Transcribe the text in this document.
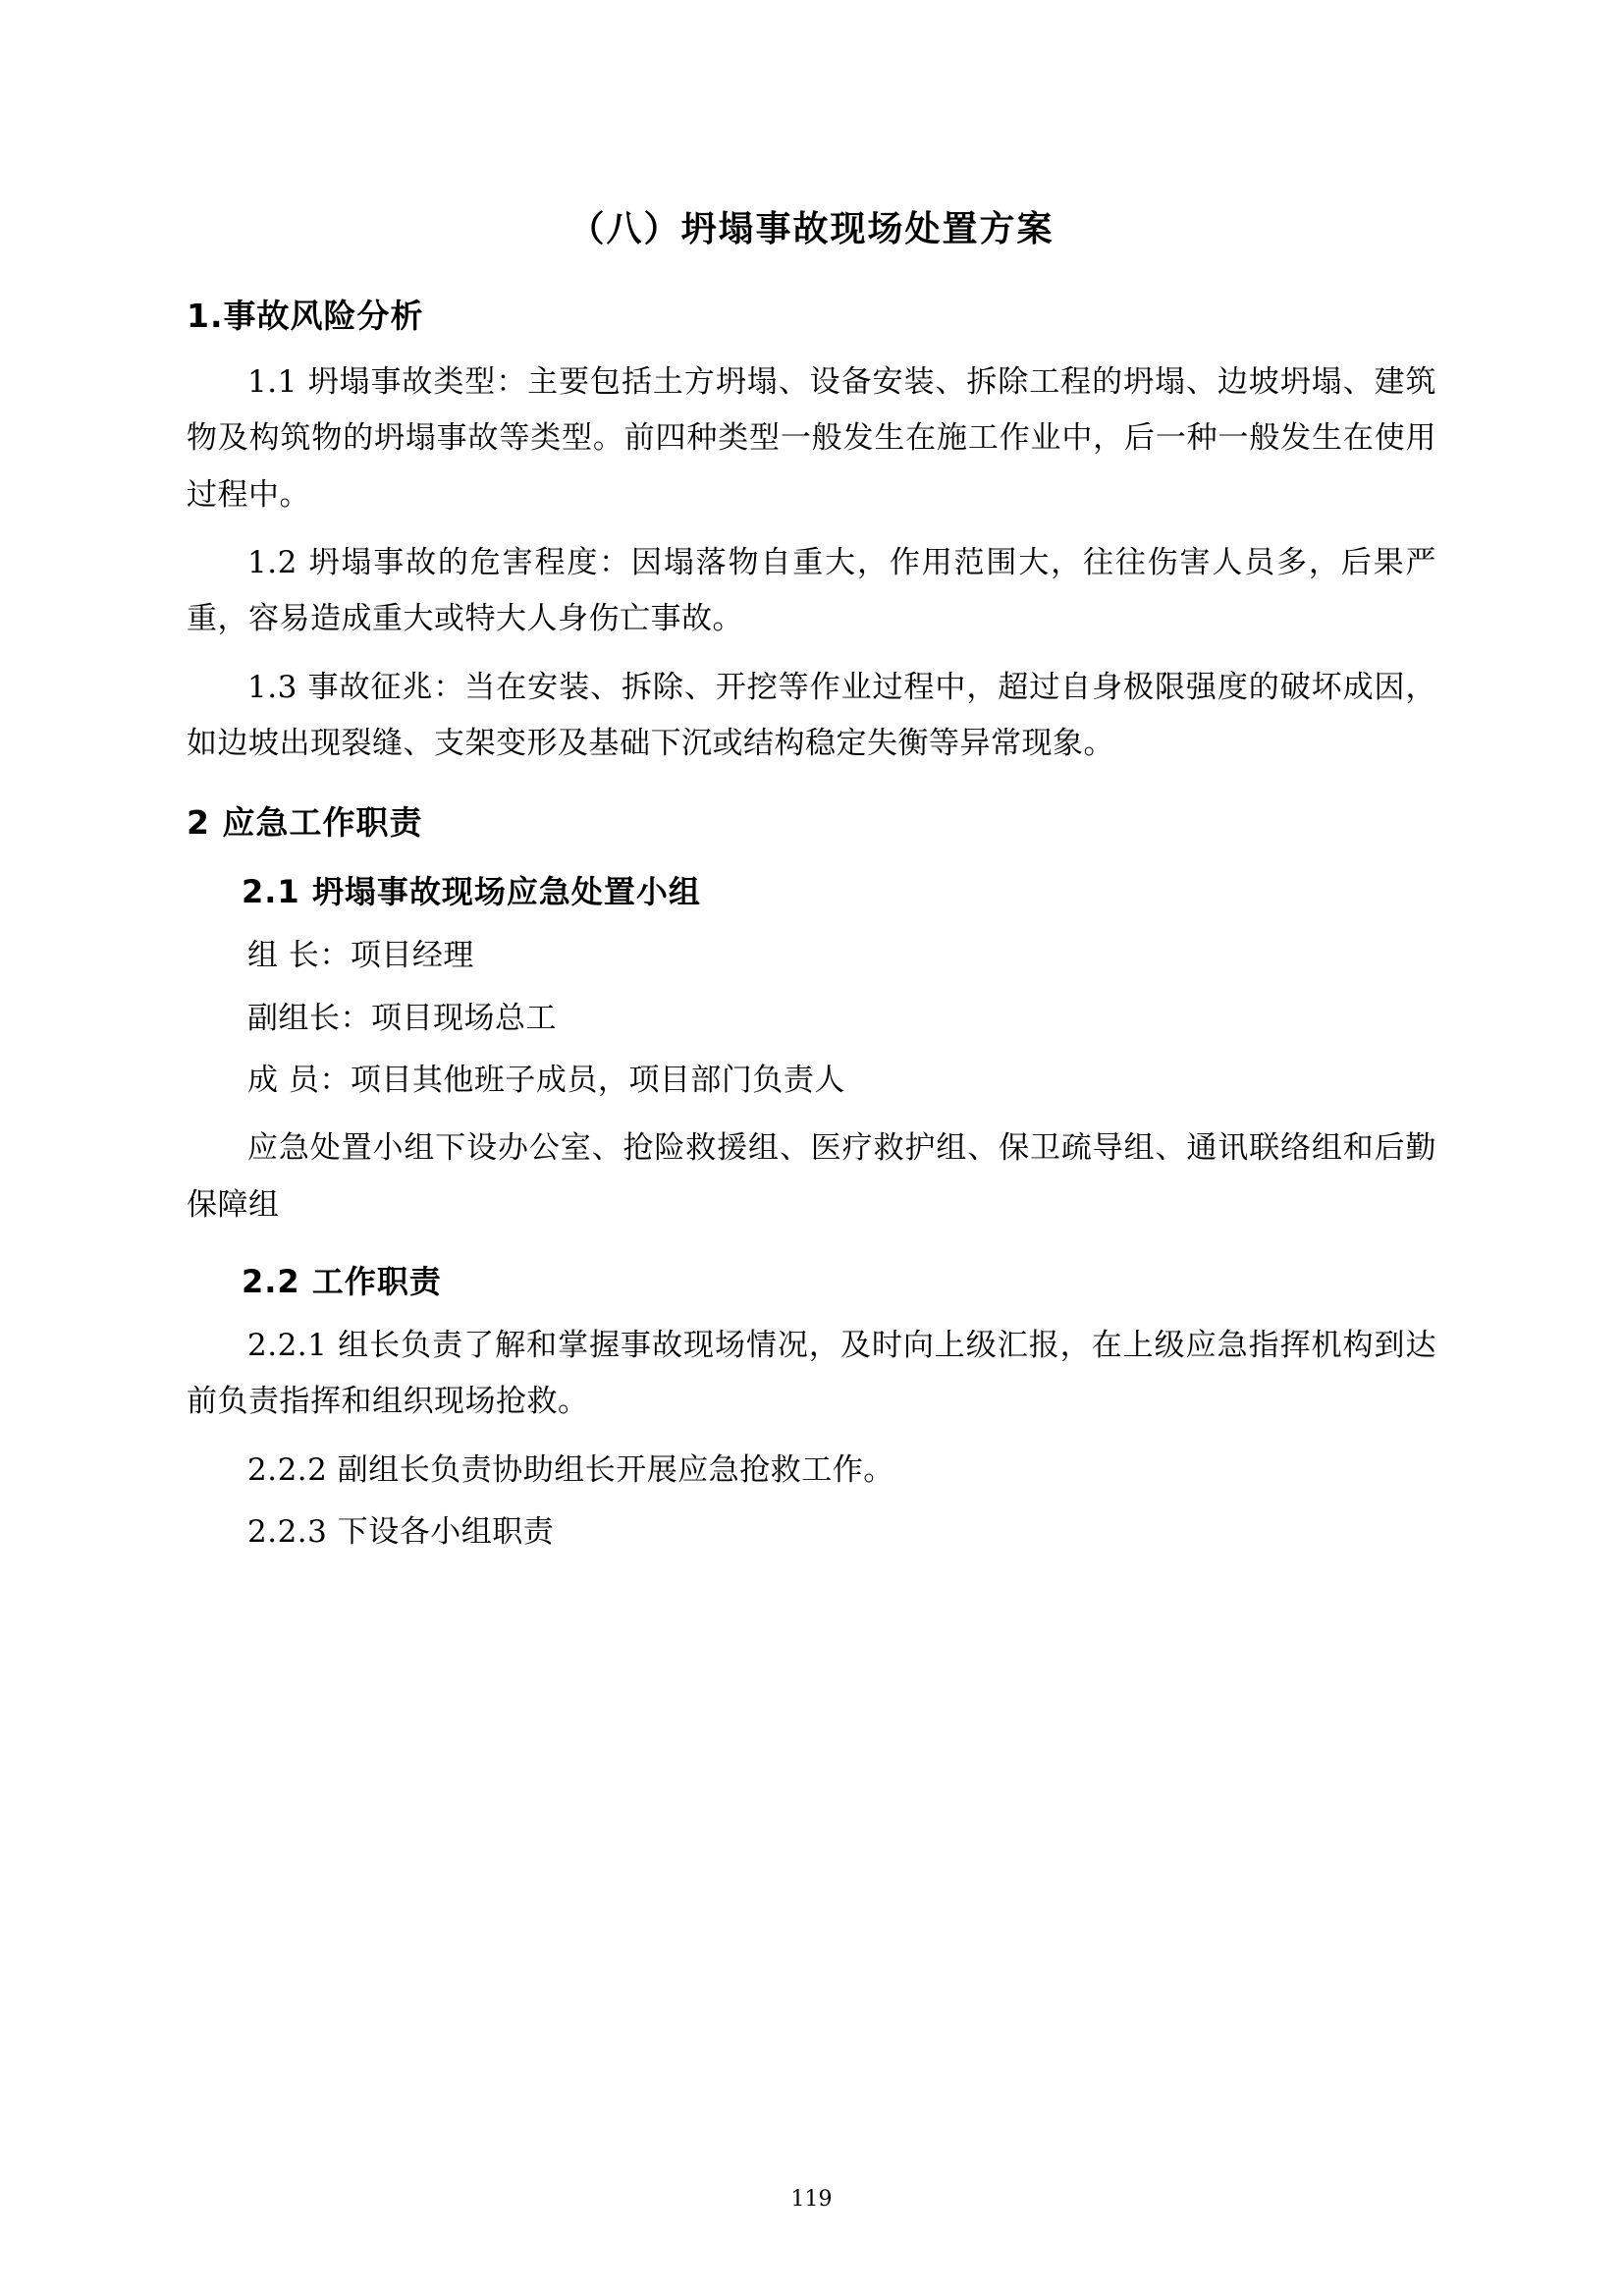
（八）坍塌事故现场处置方案
1.事故风险分析

1.1 坍塌事故类型：主要包括土方坍塌、设备安装、拆除工程的坍塌、边坡坍塌、建筑物及构筑物的坍塌事故等类型。前四种类型一般发生在施工作业中，后一种一般发生在使用过程中。

1.2 坍塌事故的危害程度：因塌落物自重大，作用范围大，往往伤害人员多，后果严重，容易造成重大或特大人身伤亡事故。

1.3 事故征兆：当在安装、拆除、开挖等作业过程中，超过自身极限强度的破坏成因，如边坡出现裂缝、支架变形及基础下沉或结构稳定失衡等异常现象。

2 应急工作职责
2.1 坍塌事故现场应急处置小组

组 长：项目经理

副组长：项目现场总工

成 员：项目其他班子成员，项目部门负责人

应急处置小组下设办公室、抢险救援组、医疗救护组、保卫疏导组、通讯联络组和后勤保障组

2.2 工作职责

2.2.1 组长负责了解和掌握事故现场情况，及时向上级汇报，在上级应急指挥机构到达前负责指挥和组织现场抢救。

2.2.2 副组长负责协助组长开展应急抢救工作。

2.2.3 下设各小组职责

119
